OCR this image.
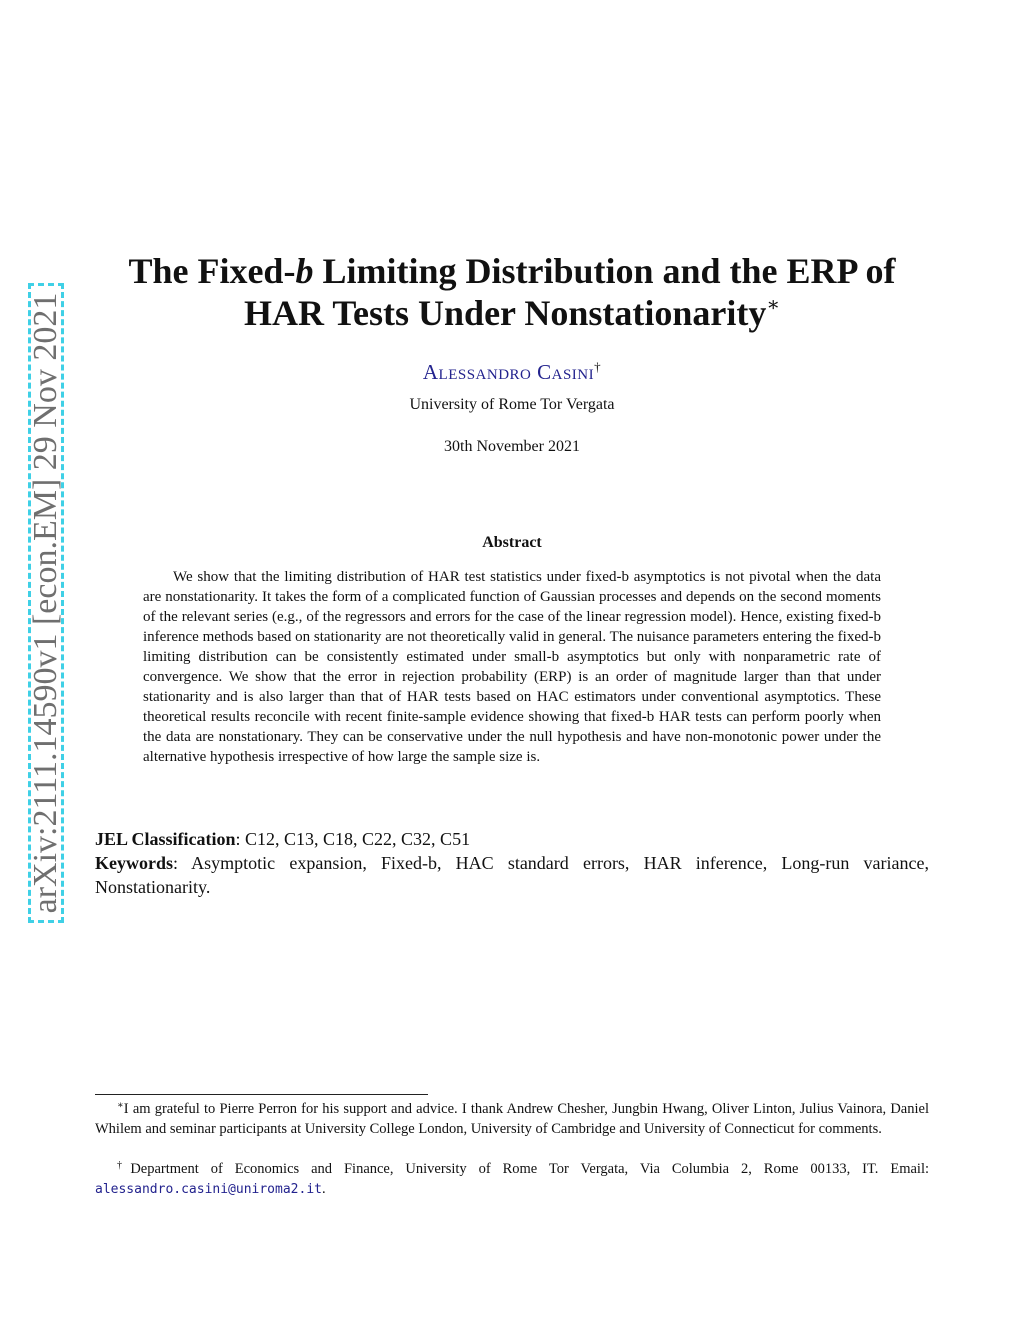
arXiv:2111.14590v1 [econ.EM] 29 Nov 2021
The Fixed-b Limiting Distribution and the ERP of
HAR Tests Under Nonstationarity∗
Alessandro Casini†
University of Rome Tor Vergata
30th November 2021
Abstract

We show that the limiting distribution of HAR test statistics under fixed-b asymptotics is not pivotal when the data are nonstationarity. It takes the form of a complicated function of Gaussian processes and depends on the second moments of the relevant series (e.g., of the regressors and errors for the case of the linear regression model). Hence, existing fixed-b inference methods based on stationarity are not theoretically valid in general. The nuisance parameters entering the fixed-b limiting distribution can be consistently estimated under small-b asymptotics but only with nonparametric rate of convergence. We show that the error in rejection probability (ERP) is an order of magnitude larger than that under stationarity and is also larger than that of HAR tests based on HAC estimators under conventional asymptotics. These theoretical results reconcile with recent finite-sample evidence showing that fixed-b HAR tests can perform poorly when the data are nonstationary. They can be conservative under the null hypothesis and have non-monotonic power under the alternative hypothesis irrespective of how large the sample size is.

JEL Classification: C12, C13, C18, C22, C32, C51

Keywords: Asymptotic expansion, Fixed-b, HAC standard errors, HAR inference, Long-run variance, Nonstationarity.

∗I am grateful to Pierre Perron for his support and advice. I thank Andrew Chesher, Jungbin Hwang, Oliver Linton, Julius Vainora, Daniel Whilem and seminar participants at University College London, University of Cambridge and University of Connecticut for comments.

†Department of Economics and Finance, University of Rome Tor Vergata, Via Columbia 2, Rome 00133, IT. Email: alessandro.casini@uniroma2.it.
